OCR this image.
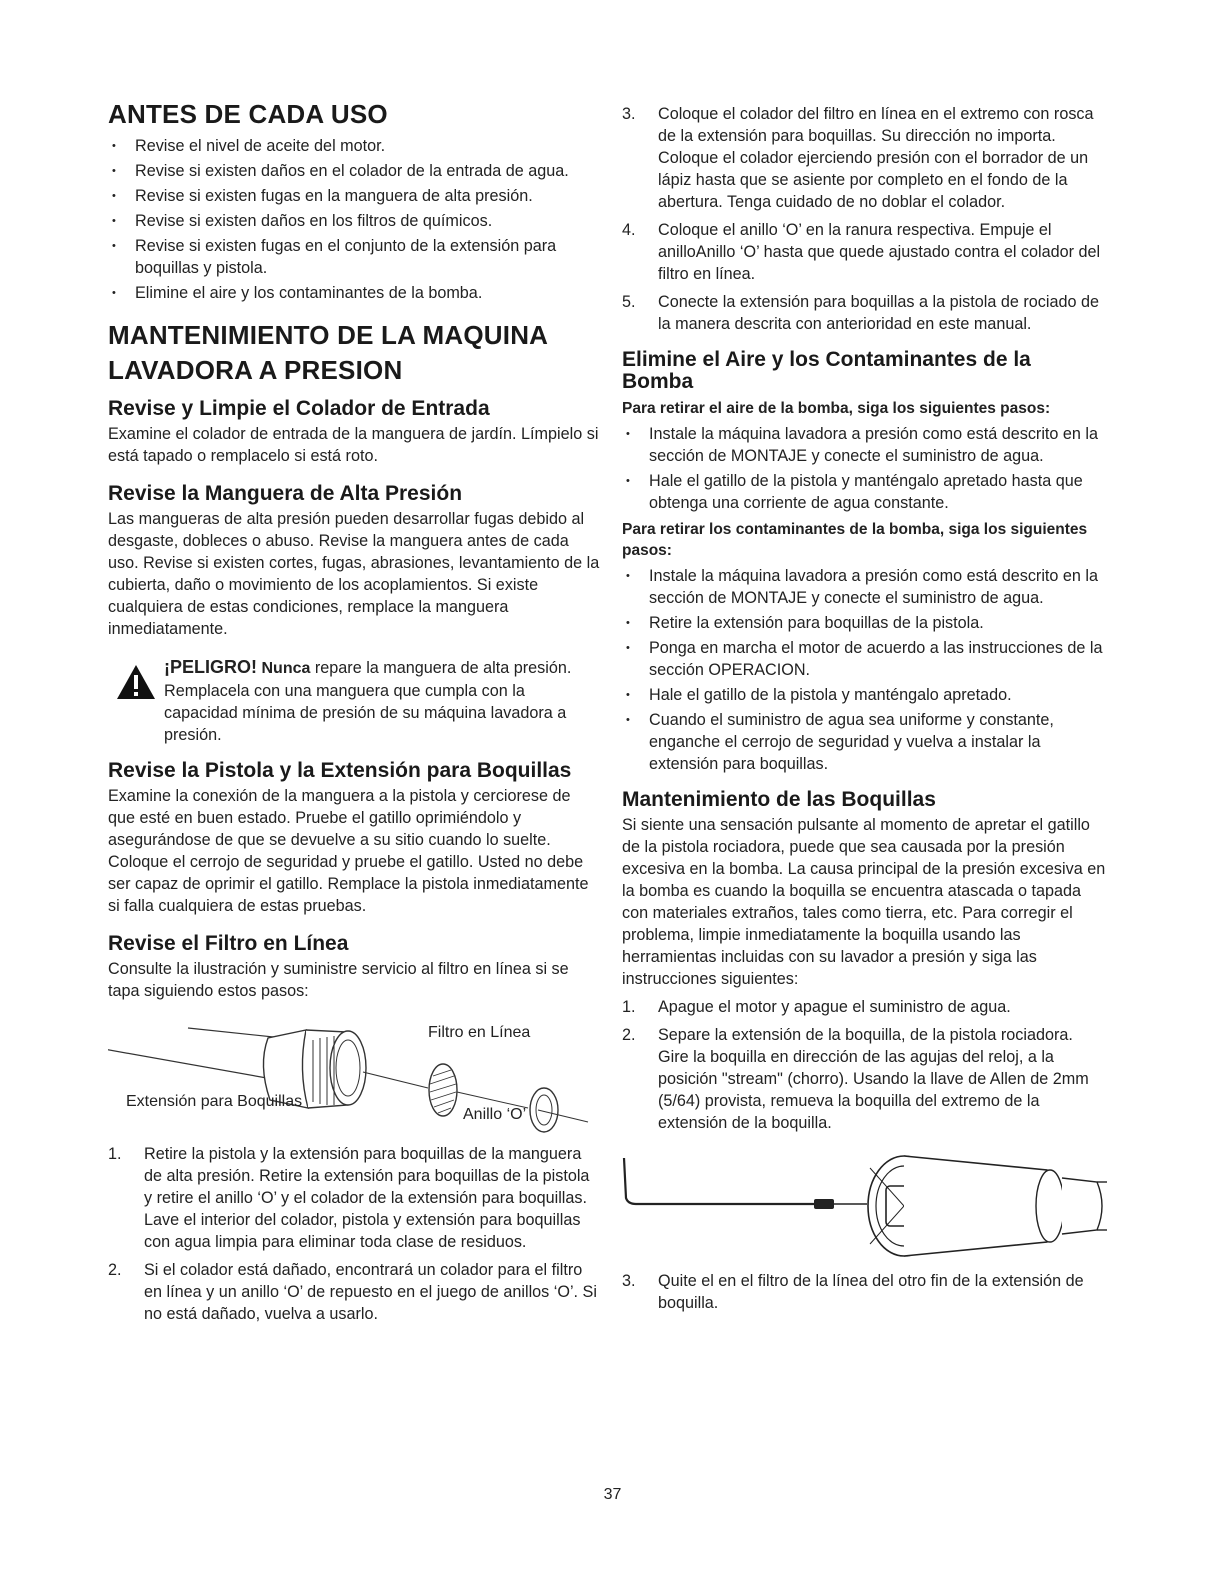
ANTES DE CADA USO
• Revise el nivel de aceite del motor.
• Revise si existen daños en el colador de la entrada de agua.
• Revise si existen fugas en la manguera de alta presión.
• Revise si existen daños en los filtros de químicos.
• Revise si existen fugas en el conjunto de la extensión para boquillas y pistola.
• Elimine el aire y los contaminantes de la bomba.
MANTENIMIENTO DE LA MAQUINA LAVADORA A PRESION
Revise y Limpie el Colador de Entrada

Examine el colador de entrada de la manguera de jardín. Límpielo si está tapado o remplacelo si está roto.

Revise la Manguera de Alta Presión

Las mangueras de alta presión pueden desarrollar fugas debido al desgaste, dobleces o abuso. Revise la manguera antes de cada uso. Revise si existen cortes, fugas, abrasiones, levantamiento de la cubierta, daño o movimiento de los acoplamientos. Si existe cualquiera de estas condiciones, remplace la manguera inmediatamente.

¡PELIGRO! Nunca repare la manguera de alta presión. Remplacela con una manguera que cumpla con la capacidad mínima de presión de su máquina lavadora a presión.

Revise la Pistola y la Extensión para Boquillas

Examine la conexión de la manguera a la pistola y cerciorese de que esté en buen estado. Pruebe el gatillo oprimiéndolo y asegurándose de que se devuelve a su sitio cuando lo suelte. Coloque el cerrojo de seguridad y pruebe el gatillo. Usted no debe ser capaz de oprimir el gatillo. Remplace la pistola inmediatamente si falla cualquiera de estas pruebas.

Revise el Filtro en Línea

Consulte la ilustración y suministre servicio al filtro en línea si se tapa siguiendo estos pasos:

Filtro en Línea
Extensión para Boquillas
Anillo ‘O’
1. Retire la pistola y la extensión para boquillas de la manguera de alta presión. Retire la extensión para boquillas de la pistola y retire el anillo ‘O’ y el colador de la extensión para boquillas. Lave el interior del colador, pistola y extensión para boquillas con agua limpia para eliminar toda clase de residuos.
2. Si el colador está dañado, encontrará un colador para el filtro en línea y un anillo ‘O’ de repuesto en el juego de anillos ‘O’. Si no está dañado, vuelva a usarlo.
3. Coloque el colador del filtro en línea en el extremo con rosca de la extensión para boquillas. Su dirección no importa. Coloque el colador ejerciendo presión con el borrador de un lápiz hasta que se asiente por completo en el fondo de la abertura. Tenga cuidado de no doblar el colador.
4. Coloque el anillo ‘O’ en la ranura respectiva. Empuje el anilloAnillo ‘O’ hasta que quede ajustado contra el colador del filtro en línea.
5. Conecte la extensión para boquillas a la pistola de rociado de la manera descrita con anterioridad en este manual.
Elimine el Aire y los Contaminantes de la Bomba
Para retirar el aire de la bomba, siga los siguientes pasos:
• Instale la máquina lavadora a presión como está descrito en la sección de MONTAJE y conecte el suministro de agua.
• Hale el gatillo de la pistola y manténgalo apretado hasta que obtenga una corriente de agua constante.
Para retirar los contaminantes de la bomba, siga los siguientes pasos:
• Instale la máquina lavadora a presión como está descrito en la sección de MONTAJE y conecte el suministro de agua.
• Retire la extensión para boquillas de la pistola.
• Ponga en marcha el motor de acuerdo a las instrucciones de la sección OPERACION.
• Hale el gatillo de la pistola y manténgalo apretado.
• Cuando el suministro de agua sea uniforme y constante, enganche el cerrojo de seguridad y vuelva a instalar la extensión para boquillas.
Mantenimiento de las Boquillas

Si siente una sensación pulsante al momento de apretar el gatillo de la pistola rociadora, puede que sea causada por la presión excesiva en la bomba. La causa principal de la presión excesiva en la bomba es cuando la boquilla se encuentra atascada o tapada con materiales extraños, tales como tierra, etc. Para corregir el problema, limpie inmediatamente la boquilla usando las herramientas incluidas con su lavador a presión y siga las instrucciones siguientes:

1. Apague el motor y apague el suministro de agua.
2. Separe la extensión de la boquilla, de la pistola rociadora. Gire la boquilla en dirección de las agujas del reloj, a la posición "stream" (chorro). Usando la llave de Allen de 2mm (5/64) provista, remueva la boquilla del extremo de la extensión de la boquilla.
3. Quite el en el filtro de la línea del otro fin de la extensión de boquilla.
37
